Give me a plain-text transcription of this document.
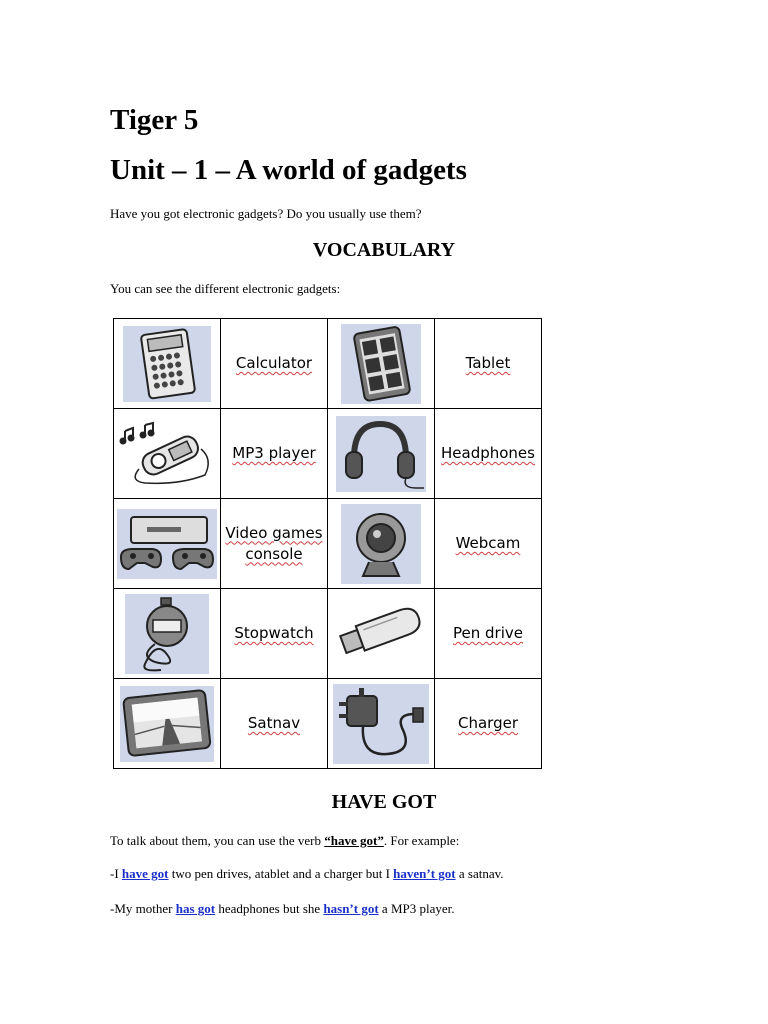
Tiger 5
Unit – 1 – A world of gadgets
Have you got electronic gadgets? Do you usually use them?
VOCABULARY
You can see the different electronic gadgets:
	Calculator		Tablet

	MP3 player		Headphones

	Video games console		Webcam

	Stopwatch		Pen drive

	Satnav		Charger
HAVE GOT
To talk about them, you can use the verb “have got”. For example:
-I have got two pen drives, atablet and a charger but I haven’t got a satnav.
-My mother has got headphones but she hasn’t got a MP3 player.
